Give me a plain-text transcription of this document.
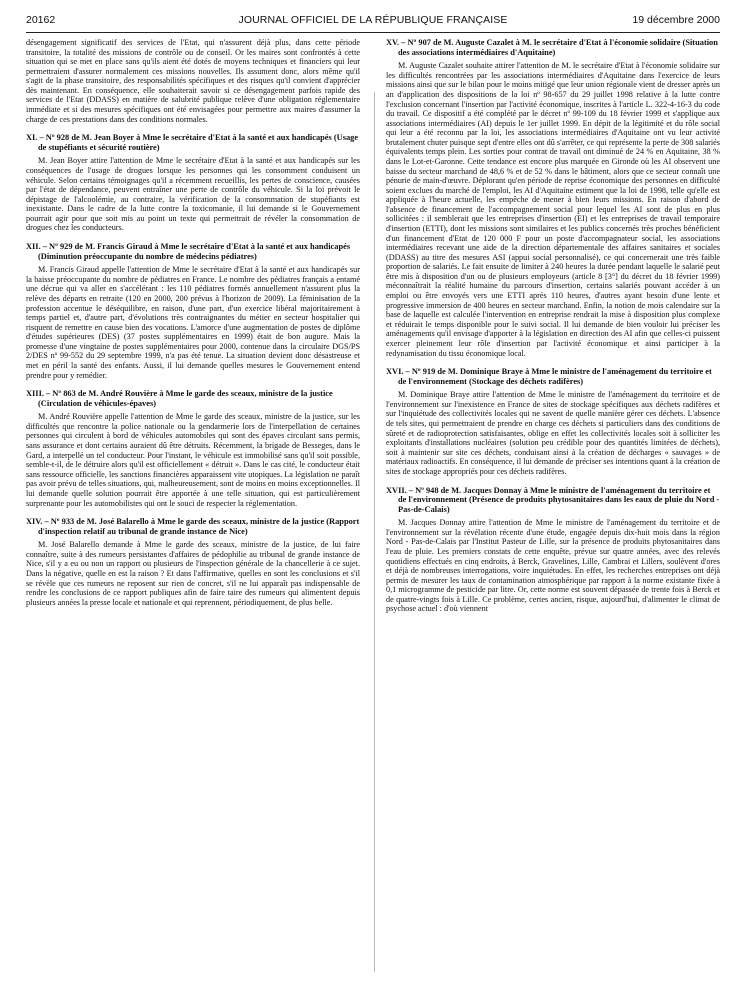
20162	JOURNAL OFFICIEL DE LA RÉPUBLIQUE FRANÇAISE	19 décembre 2000

désengagement significatif des services de l'Etat, qui n'assurent déjà plus, dans cette période transitoire, la totalité des missions de contrôle ou de conseil. Or les maires sont confrontés à cette situation qui se met en place sans qu'ils aient été dotés de moyens techniques et financiers qui leur permettraient d'assurer normalement ces missions nouvelles. Ils assument donc, alors même qu'il s'agit de la phase transitoire, des responsabilités spécifiques et des risques qu'il convient d'apprécier dès maintenant. En conséquence, elle souhaiterait savoir si ce désengagement parfois rapide des services de l'Etat (DDASS) en matière de salubrité publique relève d'une obligation réglementaire immédiate et si des mesures spécifiques ont été envisagées pour permettre aux maires d'assumer la charge de ces prestations dans des conditions normales.

XI. – Nº 928 de M. Jean Boyer à Mme le secrétaire d'Etat à la santé et aux handicapés (Usage de stupéfiants et sécurité routière)

M. Jean Boyer attire l'attention de Mme le secrétaire d'Etat à la santé et aux handicapés sur les conséquences de l'usage de drogues lorsque les personnes qui les consomment conduisent un véhicule. Selon certains témoignages qu'il a récemment recueillis, les pertes de conscience, causées par l'état de dépendance, peuvent entraîner une perte de contrôle du véhicule. Si la loi prévoit le dépistage de l'alcoolémie, au contraire, la vérification de la consommation de stupéfiants est inexistante. Dans le cadre de la lutte contre la toxicomanie, il lui demande si le Gouvernement pourrait agir pour que soit mis au point un texte qui permettrait de révéler la consommation de drogues chez les conducteurs.

XII. – Nº 929 de M. Francis Giraud à Mme le secrétaire d'Etat à la santé et aux handicapés (Diminution préoccupante du nombre de médecins pédiatres)

M. Francis Giraud appelle l'attention de Mme le secrétaire d'Etat à la santé et aux handicapés sur la baisse préoccupante du nombre de pédiatres en France. Le nombre des pédiatres français a entamé une décrue qui va aller en s'accélérant : les 110 pédiatres formés annuellement n'assurent plus la relève des départs en retraite (120 en 2000, 200 prévus à l'horizon de 2009). La féminisation de la profession accentue le déséquilibre, en raison, d'une part, d'un exercice libéral majoritairement à temps partiel et, d'autre part, d'évolutions très contraignantes du métier en secteur hospitalier qui risquent de remettre en cause bien des vocations. L'amorce d'une augmentation de postes de diplôme d'études supérieures (DES) (37 postes supplémentaires en 1999) était de bon augure. Mais la promesse d'une vingtaine de postes supplémentaires pour 2000, contenue dans la circulaire DGS/PS 2/DES nº 99-552 du 29 septembre 1999, n'a pas été tenue. La situation devient donc désastreuse et met en péril la santé des enfants. Aussi, il lui demande quelles mesures le Gouvernement entend prendre pour y remédier.

XIII. – Nº 863 de M. André Rouvière à Mme le garde des sceaux, ministre de la justice (Circulation de véhicules-épaves)

M. André Rouvière appelle l'attention de Mme le garde des sceaux, ministre de la justice, sur les difficultés que rencontre la police nationale ou la gendarmerie lors de l'interpellation de certaines personnes qui circulent à bord de véhicules automobiles qui sont des épaves circulant sans permis, sans assurance et dont certains auraient dû être détruits. Récemment, la brigade de Besseges, dans le Gard, a interpellé un tel conducteur. Pour l'instant, le véhicule est immobilisé sans qu'il soit possible, semble-t-il, de le détruire alors qu'il est officiellement « détruit ». Dans le cas cité, le conducteur était sans ressource officielle, les sanctions financières apparaissent vite utopiques. La législation ne paraît pas avoir prévu de telles situations, qui, malheureusement, sont de moins en moins exceptionnelles. Il lui demande quelle solution pourrait être apportée à une telle situation, qui est particulièrement surprenante pour les automobilistes qui ont le souci de respecter la réglementation.

XIV. – Nº 933 de M. José Balarello à Mme le garde des sceaux, ministre de la justice (Rapport d'inspection relatif au tribunal de grande instance de Nice)

M. José Balarello demande à Mme le garde des sceaux, ministre de la justice, de lui faire connaître, suite à des rumeurs persistantes d'affaires de pédophilie au tribunal de grande instance de Nice, s'il y a eu ou non un rapport ou plusieurs de l'inspection générale de la chancellerie à ce sujet. Dans la négative, quelle en est la raison ? Et dans l'affirmative, quelles en sont les conclusions et s'il se révèle que ces rumeurs ne reposent sur rien de concret, s'il ne lui apparaît pas indispensable de rendre les conclusions de ce rapport publiques afin de faire taire des rumeurs qui alimentent depuis plusieurs années la presse locale et nationale et qui reprennent, périodiquement, de plus belle.

XV. – Nº 907 de M. Auguste Cazalet à M. le secrétaire d'Etat à l'économie solidaire (Situation des associations intermédiaires d'Aquitaine)

M. Auguste Cazalet souhaite attirer l'attention de M. le secrétaire d'Etat à l'économie solidaire sur les difficultés rencontrées par les associations intermédiaires d'Aquitaine dans l'exercice de leurs missions ainsi que sur le bilan pour le moins mitigé que leur union régionale vient de dresser après un an d'application des dispositions de la loi nº 98-657 du 29 juillet 1998 relative à la lutte contre l'exclusion concernant l'insertion par l'activité économique, inscrites à l'article L. 322-4-16-3 du code du travail. Ce dispositif a été complété par le décret nº 99-109 du 18 février 1999 et s'applique aux associations intermédiaires (AI) depuis le 1er juillet 1999. En dépit de la légitimité et du rôle social qui leur a été reconnu par la loi, les associations intermédiaires d'Aquitaine ont vu leur activité brutalement chuter puisque sept d'entre elles ont dû s'arrêter, ce qui représente la perte de 308 salariés équivalents temps plein. Les sorties pour contrat de travail ont diminué de 24 % en Aquitaine, 38 % dans le Lot-et-Garonne. Cette tendance est encore plus marquée en Gironde où les AI observent une baisse du secteur marchand de 48,6 % et de 52 % dans le bâtiment, alors que ce secteur connaît une pénurie de main-d'œuvre. Déplorant qu'en période de reprise économique des personnes en difficulté soient exclues du marché de l'emploi, les AI d'Aquitaine estiment que la loi de 1998, telle qu'elle est appliquée à l'heure actuelle, les empêche de mener à bien leurs missions. En raison d'abord de l'absence de financement de l'accompagnement social pour lequel les AI sont de plus en plus sollicitées : il semblerait que les entreprises d'insertion (EI) et les entreprises de travail temporaire d'insertion (ETTI), dont les missions sont similaires et les publics concernés très proches bénéficient d'un financement d'Etat de 120 000 F pour un poste d'accompagnateur social, les associations intermédiaires recevant une aide de la direction départementale des affaires sanitaires et sociales (DDASS) au titre des mesures ASI (appui social personnalisé), ce qui concernerait une très faible proportion de salariés. Le fait ensuite de limiter à 240 heures la durée pendant laquelle le salarié peut être mis à disposition d'un ou de plusieurs employeurs (article 8 [3°] du décret du 18 février 1999) méconnaîtrait la réalité humaine du parcours d'insertion, certains salariés pouvant accéder à un emploi ou être envoyés vers une ETTI après 110 heures, d'autres ayant besoin d'une lente et progressive immersion de 400 heures en secteur marchand. Enfin, la notion de mois calendaire sur la base de laquelle est calculée l'intervention en entreprise rendrait la mise à disposition plus complexe et réduirait le temps disponible pour le suivi social. Il lui demande de bien vouloir lui préciser les aménagements qu'il envisage d'apporter à la législation en direction des AI afin que celles-ci puissent exercer pleinement leur rôle d'insertion par l'activité économique et ainsi participer à la redynamisation du tissu économique local.

XVI. – Nº 919 de M. Dominique Braye à Mme le ministre de l'aménagement du territoire et de l'environnement (Stockage des déchets radifères)

M. Dominique Braye attire l'attention de Mme le ministre de l'aménagement du territoire et de l'environnement sur l'inexistence en France de sites de stockage spécifiques aux déchets radifères et sur l'inquiétude des collectivités locales qui ne savent de quelle manière gérer ces déchets. L'absence de tels sites, qui permettraient de prendre en charge ces déchets si particuliers dans des conditions de sûreté et de radioprotection satisfaisantes, oblige en effet les collectivités locales soit à solliciter les exploitants d'installations nucléaires (solution peu crédible pour des quantités limitées de déchets), soit à maintenir sur site ces déchets, conduisant ainsi à la création de décharges « sauvages » de matériaux radioactifs. En conséquence, il lui demande de préciser ses intentions quant à la création de sites de stockage appropriés pour ces déchets radifères.

XVII. – Nº 948 de M. Jacques Donnay à Mme le ministre de l'aménagement du territoire et de l'environnement (Présence de produits phytosanitaires dans les eaux de pluie du Nord - Pas-de-Calais)

M. Jacques Donnay attire l'attention de Mme le ministre de l'aménagement du territoire et de l'environnement sur la révélation récente d'une étude, engagée depuis dix-huit mois dans la région Nord - Pas-de-Calais par l'Institut Pasteur de Lille, sur la présence de produits phytosanitaires dans l'eau de pluie. Les premiers constats de cette enquête, prévue sur quatre années, avec des relevés quotidiens effectués en cinq endroits, à Berck, Gravelines, Lille, Cambrai et Lillers, soulèvent d'ores et déjà de nombreuses interrogations, voire inquiétudes. En effet, les recherches entreprises ont déjà permis de mesurer les taux de contamination atmosphérique par rapport à la norme existante fixée à 0,1 microgramme de pesticide par litre. Or, cette norme est souvent dépassée de trente fois à Berck et de quatre-vingts fois à Lille. Ce problème, certes ancien, risque, aujourd'hui, d'alimenter le climat de psychose actuel : d'où viennent
